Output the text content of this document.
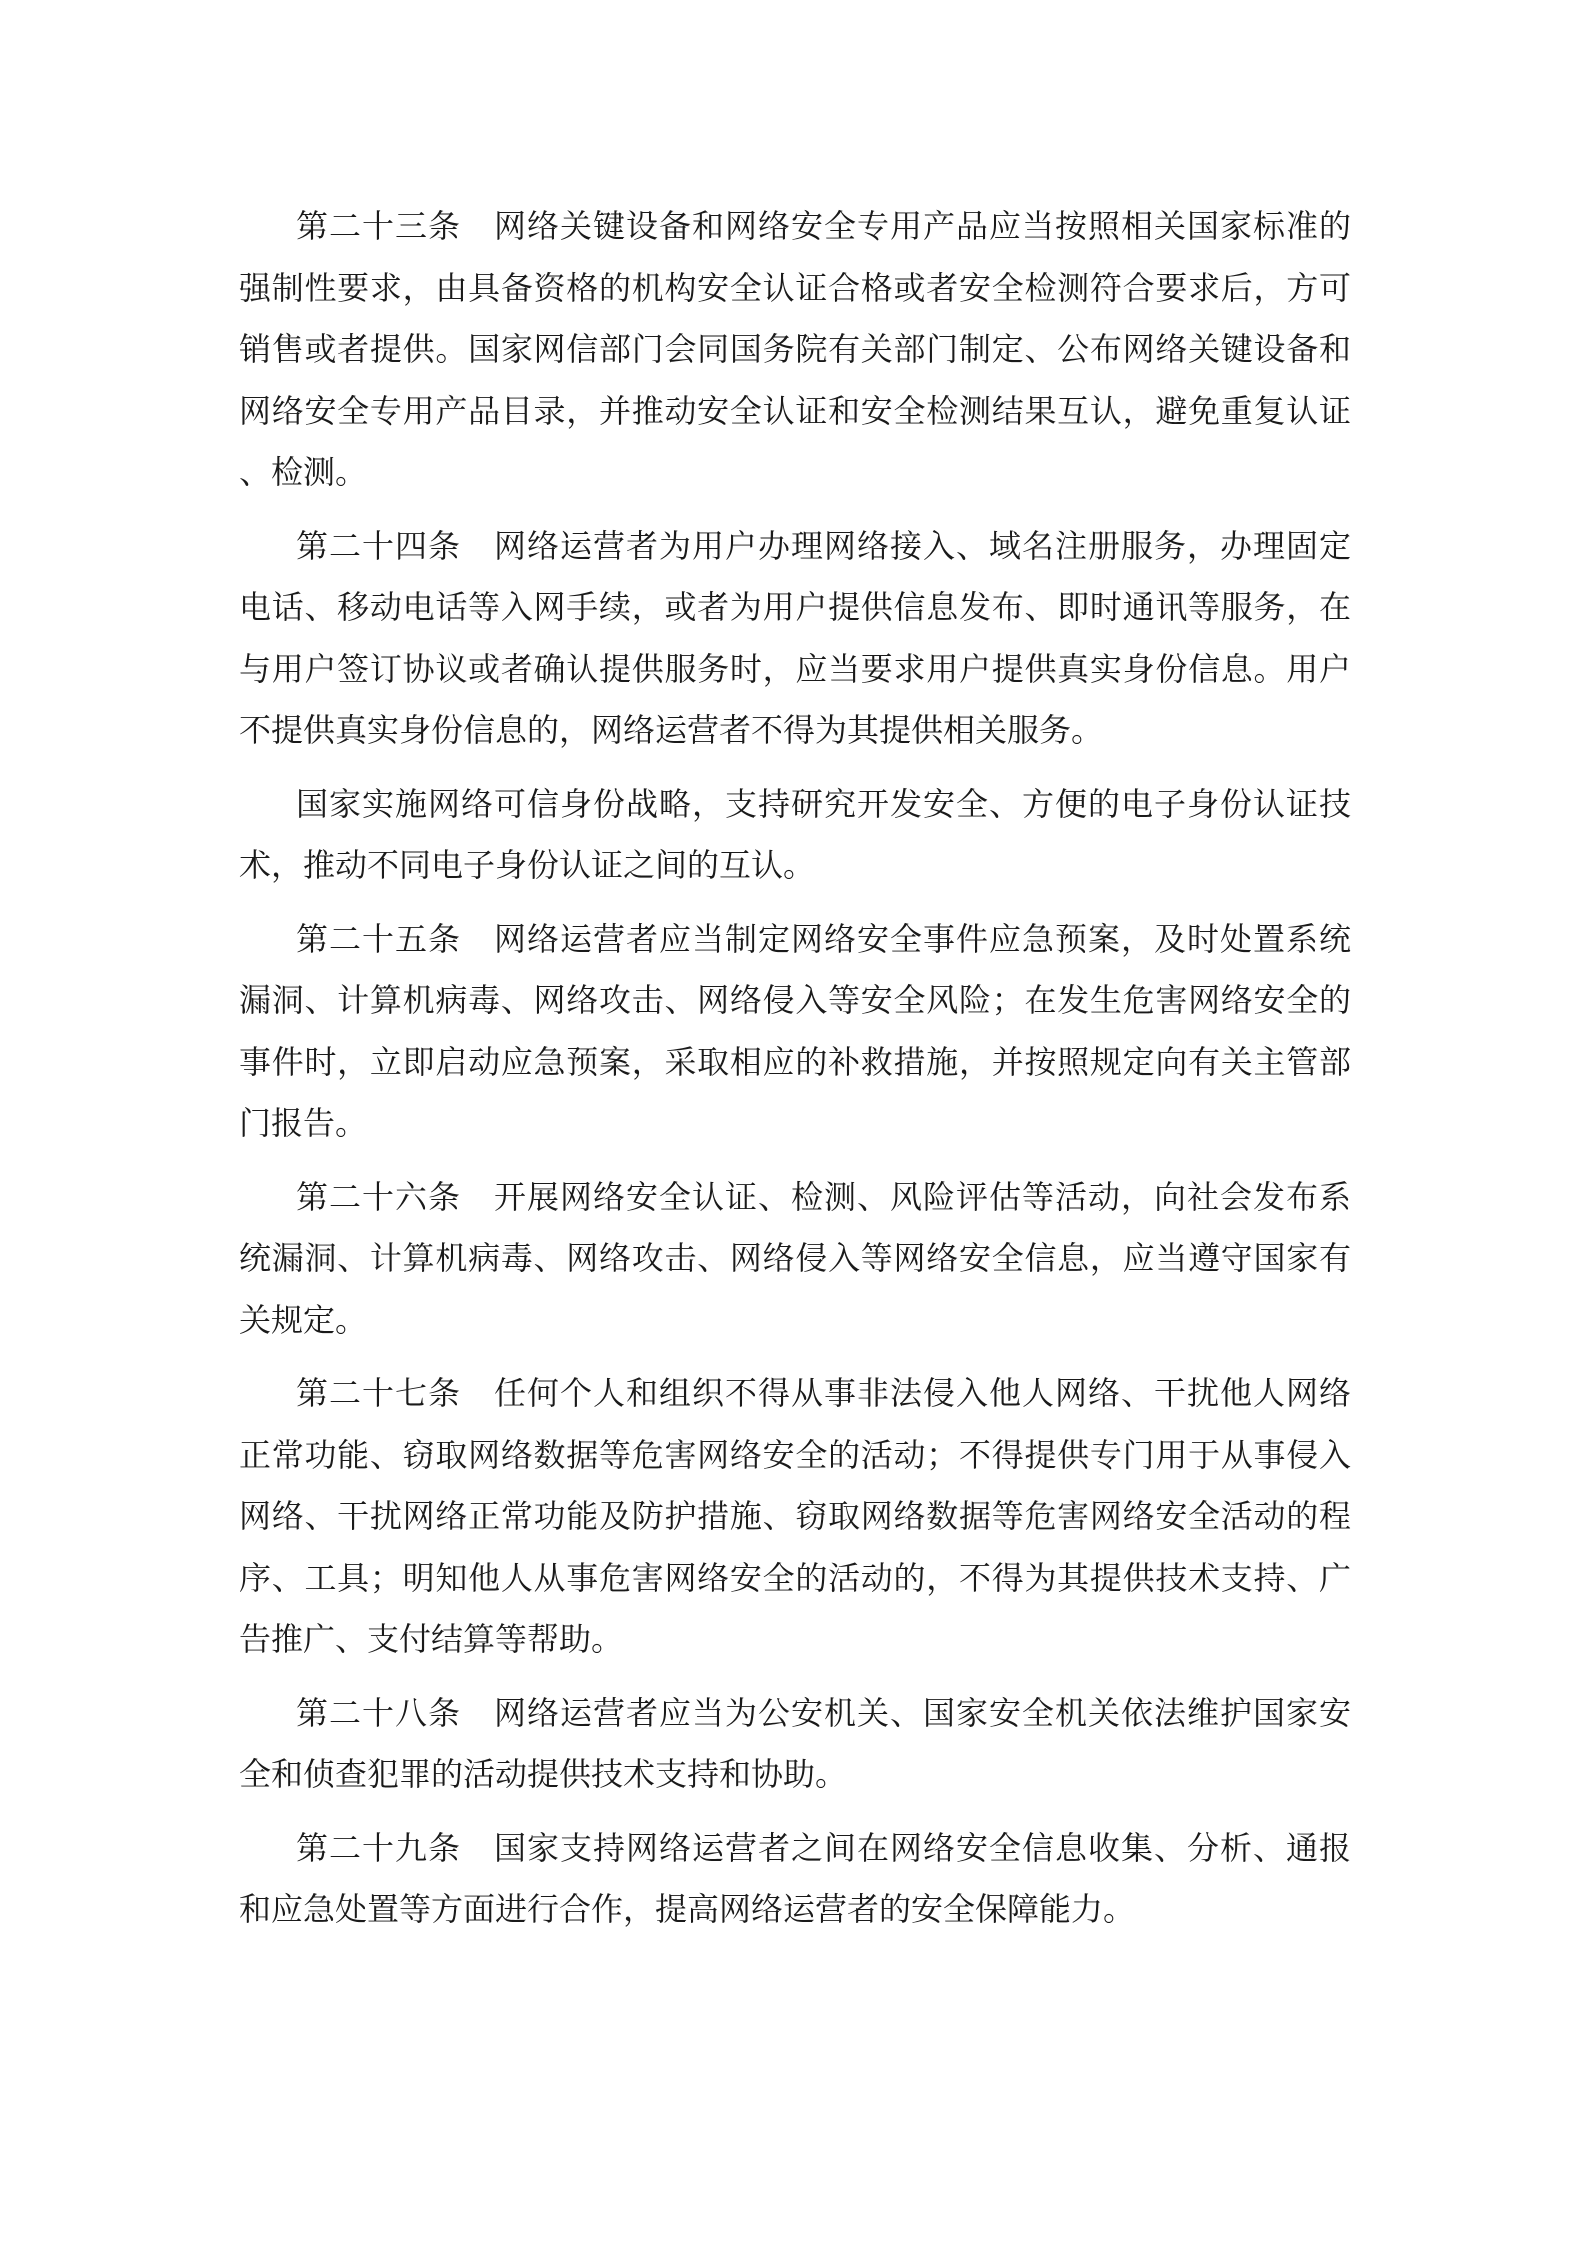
第二十三条 网络关键设备和网络安全专用产品应当按照相关国家标准的强制性要求，由具备资格的机构安全认证合格或者安全检测符合要求后，方可销售或者提供。国家网信部门会同国务院有关部门制定、公布网络关键设备和网络安全专用产品目录，并推动安全认证和安全检测结果互认，避免重复认证、检测。

第二十四条 网络运营者为用户办理网络接入、域名注册服务，办理固定电话、移动电话等入网手续，或者为用户提供信息发布、即时通讯等服务，在与用户签订协议或者确认提供服务时，应当要求用户提供真实身份信息。用户不提供真实身份信息的，网络运营者不得为其提供相关服务。

国家实施网络可信身份战略，支持研究开发安全、方便的电子身份认证技术，推动不同电子身份认证之间的互认。

第二十五条 网络运营者应当制定网络安全事件应急预案，及时处置系统漏洞、计算机病毒、网络攻击、网络侵入等安全风险；在发生危害网络安全的事件时，立即启动应急预案，采取相应的补救措施，并按照规定向有关主管部门报告。

第二十六条 开展网络安全认证、检测、风险评估等活动，向社会发布系统漏洞、计算机病毒、网络攻击、网络侵入等网络安全信息，应当遵守国家有关规定。

第二十七条 任何个人和组织不得从事非法侵入他人网络、干扰他人网络正常功能、窃取网络数据等危害网络安全的活动；不得提供专门用于从事侵入网络、干扰网络正常功能及防护措施、窃取网络数据等危害网络安全活动的程序、工具；明知他人从事危害网络安全的活动的，不得为其提供技术支持、广告推广、支付结算等帮助。

第二十八条 网络运营者应当为公安机关、国家安全机关依法维护国家安全和侦查犯罪的活动提供技术支持和协助。

第二十九条 国家支持网络运营者之间在网络安全信息收集、分析、通报和应急处置等方面进行合作，提高网络运营者的安全保障能力。
